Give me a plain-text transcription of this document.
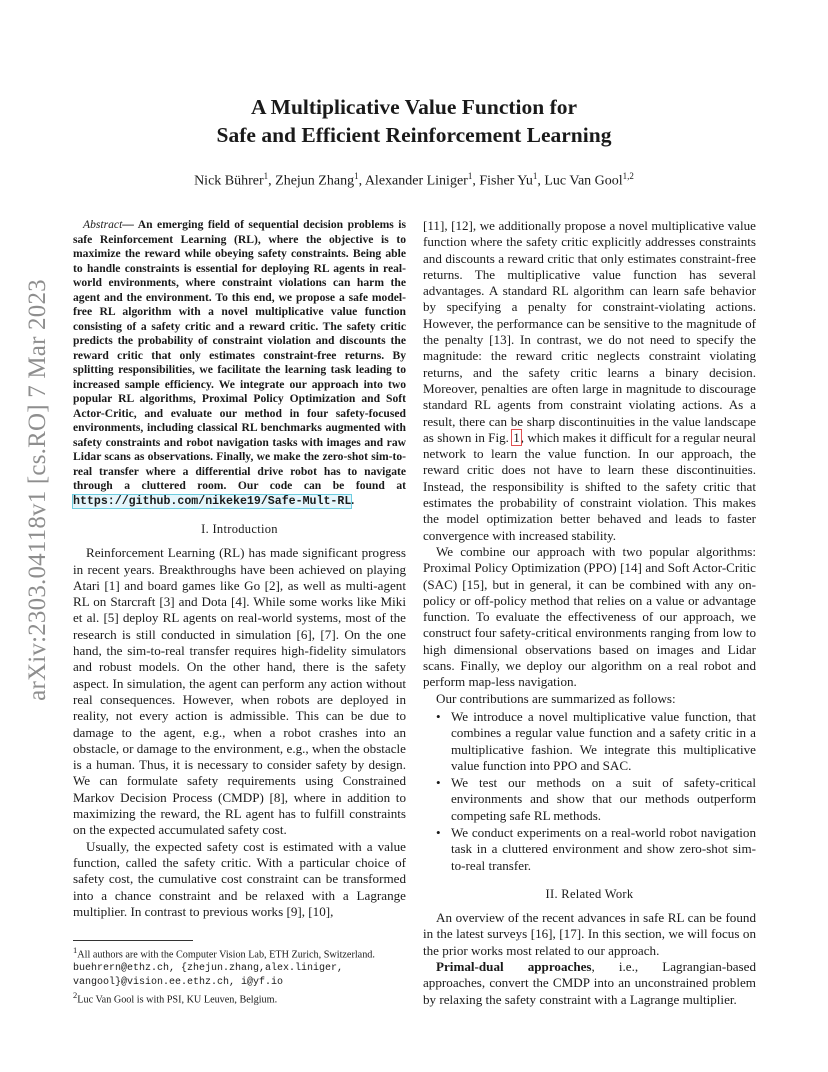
arXiv:2303.04118v1 [cs.RO] 7 Mar 2023
A Multiplicative Value Function for
Safe and Efficient Reinforcement Learning
Nick Bührer$^1$, Zhejun Zhang$^1$, Alexander Liniger$^1$, Fisher Yu$^1$, Luc Van Gool$^{1,2}$
Abstract— An emerging field of sequential decision problems is safe Reinforcement Learning (RL), where the objective is to maximize the reward while obeying safety constraints. Being able to handle constraints is essential for deploying RL agents in real-world environments, where constraint violations can harm the agent and the environment. To this end, we propose a safe model-free RL algorithm with a novel multiplicative value function consisting of a safety critic and a reward critic. The safety critic predicts the probability of constraint violation and discounts the reward critic that only estimates constraint-free returns. By splitting responsibilities, we facilitate the learning task leading to increased sample efficiency. We integrate our approach into two popular RL algorithms, Proximal Policy Optimization and Soft Actor-Critic, and evaluate our method in four safety-focused environments, including classical RL benchmarks augmented with safety constraints and robot navigation tasks with images and raw Lidar scans as observations. Finally, we make the zero-shot sim-to-real transfer where a differential drive robot has to navigate through a cluttered room. Our code can be found at https://github.com/nikeke19/Safe-Mult-RL.
I. Introduction

Reinforcement Learning (RL) has made significant progress in recent years. Breakthroughs have been achieved on playing Atari [1] and board games like Go [2], as well as multi-agent RL on Starcraft [3] and Dota [4]. While some works like Miki et al. [5] deploy RL agents on real-world systems, most of the research is still conducted in simulation [6], [7]. On the one hand, the sim-to-real transfer requires high-fidelity simulators and robust models. On the other hand, there is the safety aspect. In simulation, the agent can perform any action without real consequences. However, when robots are deployed in reality, not every action is admissible. This can be due to damage to the agent, e.g., when a robot crashes into an obstacle, or damage to the environment, e.g., when the obstacle is a human. Thus, it is necessary to consider safety by design. We can formulate safety requirements using Constrained Markov Decision Process (CMDP) [8], where in addition to maximizing the reward, the RL agent has to fulfill constraints on the expected accumulated safety cost.

Usually, the expected safety cost is estimated with a value function, called the safety critic. With a particular choice of safety cost, the cumulative cost constraint can be transformed into a chance constraint and be relaxed with a Lagrange multiplier. In contrast to previous works [9], [10],

$^1$All authors are with the Computer Vision Lab, ETH Zurich, Switzerland. buehrern@ethz.ch, {zhejun.zhang,alex.liniger, vangool}@vision.ee.ethz.ch, i@yf.io
$^2$Luc Van Gool is with PSI, KU Leuven, Belgium.

[11], [12], we additionally propose a novel multiplicative value function where the safety critic explicitly addresses constraints and discounts a reward critic that only estimates constraint-free returns. The multiplicative value function has several advantages. A standard RL algorithm can learn safe behavior by specifying a penalty for constraint-violating actions. However, the performance can be sensitive to the magnitude of the penalty [13]. In contrast, we do not need to specify the magnitude: the reward critic neglects constraint violating returns, and the safety critic learns a binary decision. Moreover, penalties are often large in magnitude to discourage standard RL agents from constraint violating actions. As a result, there can be sharp discontinuities in the value landscape as shown in Fig. 1, which makes it difficult for a regular neural network to learn the value function. In our approach, the reward critic does not have to learn these discontinuities. Instead, the responsibility is shifted to the safety critic that estimates the probability of constraint violation. This makes the model optimization better behaved and leads to faster convergence with increased stability.

We combine our approach with two popular algorithms: Proximal Policy Optimization (PPO) [14] and Soft Actor-Critic (SAC) [15], but in general, it can be combined with any on-policy or off-policy method that relies on a value or advantage function. To evaluate the effectiveness of our approach, we construct four safety-critical environments ranging from low to high dimensional observations based on images and Lidar scans. Finally, we deploy our algorithm on a real robot and perform map-less navigation.

Our contributions are summarized as follows:

• We introduce a novel multiplicative value function, that combines a regular value function and a safety critic in a multiplicative fashion. We integrate this multiplicative value function into PPO and SAC.
• We test our methods on a suit of safety-critical environments and show that our methods outperform competing safe RL methods.
• We conduct experiments on a real-world robot navigation task in a cluttered environment and show zero-shot sim-to-real transfer.
II. Related Work

An overview of the recent advances in safe RL can be found in the latest surveys [16], [17]. In this section, we will focus on the prior works most related to our approach.

Primal-dual approaches, i.e., Lagrangian-based approaches, convert the CMDP into an unconstrained problem by relaxing the safety constraint with a Lagrange multiplier.
